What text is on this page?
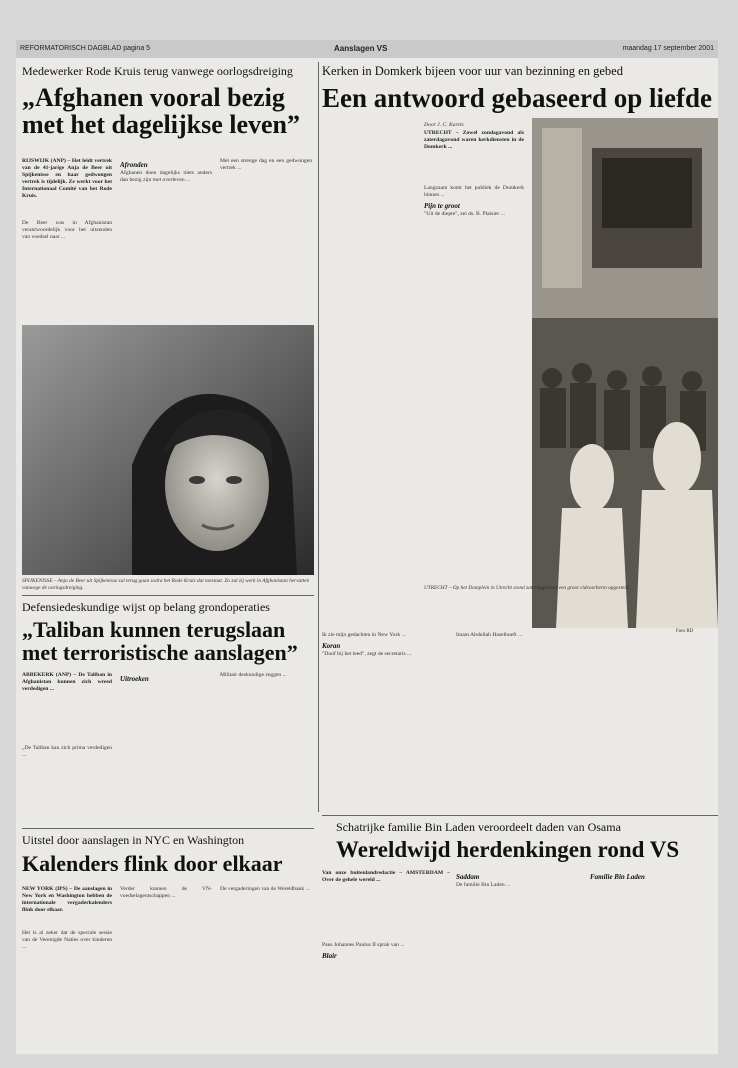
REFORMATORISCH DAGBLAD pagina 5	Aanslagen VS	maandag 17 september 2001
Medewerker Rode Kruis terug vanwege oorlogsdreiging
„Afghanen vooral bezig met het dagelijkse leven”
RIJSWIJK (ANP) – Het leidt vertrek van de 41-jarige Anja de Beer uit Spijkenisse en haar gedwongen vertrek is tijdelijk. Ze werkt voor het Internationaal Comité van het Rode Kruis.
De Beer was in Afghanistan verantwoordelijk voor het uitzenden van voedsel naar ...
Afronden
Afghanen doen dagelijks niets anders dan bezig zijn met overleven ...
Met een strenge dag en een gedwongen vertrek ...
SPIJKENISSE – Anja de Beer uit Spijkenisse zal terug gaan zodra het Rode Kruis dat toestaat. Zo zal zij werk in Afghanistan hervatten vanwege de oorlogsdreiging.
Defensiedeskundige wijst op belang grondoperaties
„Taliban kunnen terugslaan met terroristische aanslagen”
ABBEKERK (ANP) – De Taliban in Afghanistan kunnen zich wreed verdedigen ...
„De Taliban kan zich prima verdedigen ...
Uitroeken	Militair deskundige zeggen ...
Kerken in Domkerk bijeen voor uur van bezinning en gebed
Een antwoord gebaseerd op liefde
Door J. C. Karels
UTRECHT – Zowel zondagavond als zaterdagavond waren kerkdiensten in de Domkerk ...
Langzaam komt het publiek de Domkerk binnen ...
Pijn te groot
"Uit de diepte", zei ds. B. Plaisier ...
UTRECHT – Op het Domplein in Utrecht stond zaterdagavond een groot videoscherm opgesteld ...
Foto RD
Ik zie mijn gedachten in New York ...
Koran
"Doof bij het leed", zegt de secretaris ...
Imam Abdullah Haselhoeft ...
Schatrijke familie Bin Laden veroordeelt daden van Osama
Wereldwijd herdenkingen rond VS
Van onze buitenlandredactie – AMSTERDAM – Over de gehele wereld ...
Paus Johannes Paulus II sprak van ...
Blair
Saddam
De familie Bin Laden ...
Familie Bin Laden
Uitstel door aanslagen in NYC en Washington
Kalenders flink door elkaar
NEW YORK (IPS) – De aanslagen in New York en Washington hebben de internationale vergaderkalenders flink door elkaar.
Het is al zeker dat de speciale sessie van de Verenigde Naties over kinderen ...
Verder kunnen de VN-voedselagentschappen ...
De vergaderingen van de Wereldbank ...
